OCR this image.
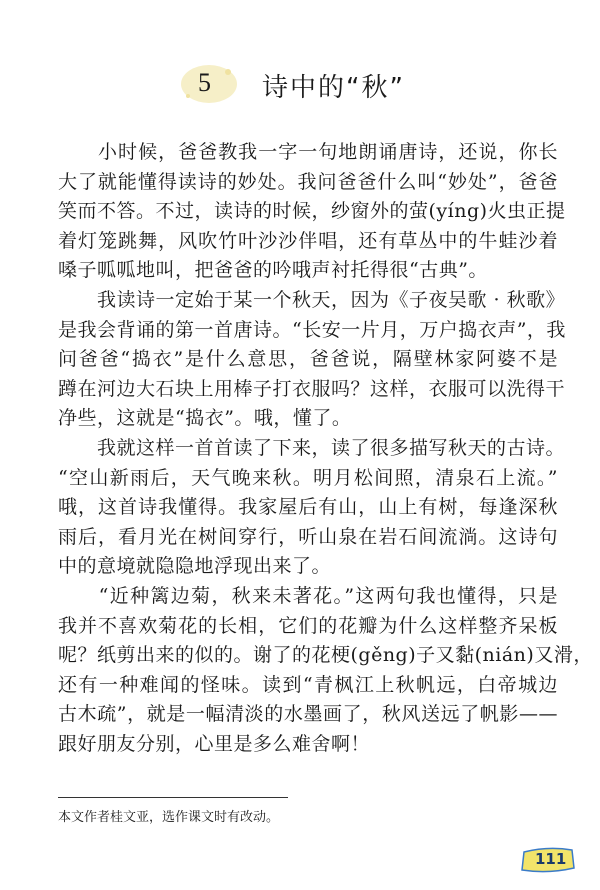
5 诗中的“秋”
　　小时候，爸爸教我一字一句地朗诵唐诗，还说，你长
大了就能懂得读诗的妙处。我问爸爸什么叫“妙处”，爸爸
笑而不答。不过，读诗的时候，纱窗外的萤(yíng)火虫正提
着灯笼跳舞，风吹竹叶沙沙伴唱，还有草丛中的牛蛙沙着
嗓子呱呱地叫，把爸爸的吟哦声衬托得很“古典”。
　　我读诗一定始于某一个秋天，因为《子夜吴歌 · 秋歌》
是我会背诵的第一首唐诗。“长安一片月，万户捣衣声”，我
问爸爸“捣衣”是什么意思，爸爸说，隔壁林家阿婆不是
蹲在河边大石块上用棒子打衣服吗？这样，衣服可以洗得干
净些，这就是“捣衣”。哦，懂了。
　　我就这样一首首读了下来，读了很多描写秋天的古诗。
“空山新雨后，天气晚来秋。明月松间照，清泉石上流。”
哦，这首诗我懂得。我家屋后有山，山上有树，每逢深秋
雨后，看月光在树间穿行，听山泉在岩石间流淌。这诗句
中的意境就隐隐地浮现出来了。
　　“近种篱边菊，秋来未著花。”这两句我也懂得，只是
我并不喜欢菊花的长相，它们的花瓣为什么这样整齐呆板
呢？纸剪出来的似的。谢了的花梗(gěng)子又黏(nián)又滑，
还有一种难闻的怪味。读到“青枫江上秋帆远，白帝城边
古木疏”，就是一幅清淡的水墨画了，秋风送远了帆影——
跟好朋友分别，心里是多么难舍啊！
本文作者桂文亚，选作课文时有改动。
111
